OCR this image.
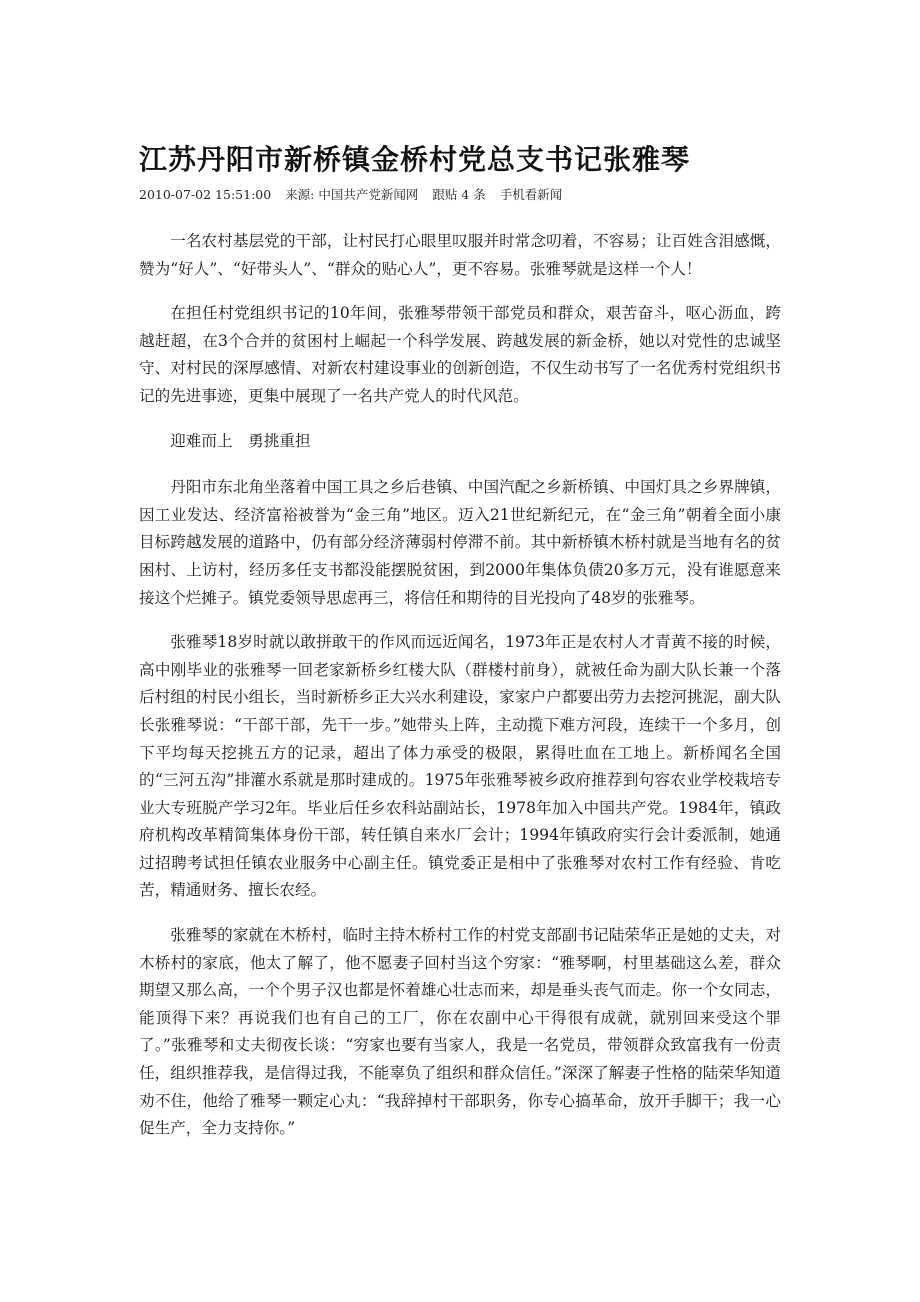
江苏丹阳市新桥镇金桥村党总支书记张雅琴
2010-07-02 15:51:00 来源: 中国共产党新闻网 跟贴 4 条 手机看新闻

一名农村基层党的干部，让村民打心眼里叹服并时常念叨着，不容易；让百姓含泪感慨，赞为“好人”、“好带头人”、“群众的贴心人”，更不容易。张雅琴就是这样一个人！

在担任村党组织书记的10年间，张雅琴带领干部党员和群众，艰苦奋斗，呕心沥血，跨越赶超，在3个合并的贫困村上崛起一个科学发展、跨越发展的新金桥，她以对党性的忠诚坚守、对村民的深厚感情、对新农村建设事业的创新创造，不仅生动书写了一名优秀村党组织书记的先进事迹，更集中展现了一名共产党人的时代风范。

迎难而上　勇挑重担

丹阳市东北角坐落着中国工具之乡后巷镇、中国汽配之乡新桥镇、中国灯具之乡界牌镇，因工业发达、经济富裕被誉为“金三角”地区。迈入21世纪新纪元，在“金三角”朝着全面小康目标跨越发展的道路中，仍有部分经济薄弱村停滞不前。其中新桥镇木桥村就是当地有名的贫困村、上访村，经历多任支书都没能摆脱贫困，到2000年集体负债20多万元，没有谁愿意来接这个烂摊子。镇党委领导思虑再三，将信任和期待的目光投向了48岁的张雅琴。

张雅琴18岁时就以敢拼敢干的作风而远近闻名，1973年正是农村人才青黄不接的时候，高中刚毕业的张雅琴一回老家新桥乡红楼大队（群楼村前身），就被任命为副大队长兼一个落后村组的村民小组长，当时新桥乡正大兴水利建设，家家户户都要出劳力去挖河挑泥，副大队长张雅琴说：“干部干部，先干一步。”她带头上阵，主动揽下难方河段，连续干一个多月，创下平均每天挖挑五方的记录，超出了体力承受的极限，累得吐血在工地上。新桥闻名全国的“三河五沟”排灌水系就是那时建成的。1975年张雅琴被乡政府推荐到句容农业学校栽培专业大专班脱产学习2年。毕业后任乡农科站副站长，1978年加入中国共产党。1984年，镇政府机构改革精简集体身份干部，转任镇自来水厂会计；1994年镇政府实行会计委派制，她通过招聘考试担任镇农业服务中心副主任。镇党委正是相中了张雅琴对农村工作有经验、肯吃苦，精通财务、擅长农经。

张雅琴的家就在木桥村，临时主持木桥村工作的村党支部副书记陆荣华正是她的丈夫，对木桥村的家底，他太了解了，他不愿妻子回村当这个穷家：“雅琴啊，村里基础这么差，群众期望又那么高，一个个男子汉也都是怀着雄心壮志而来，却是垂头丧气而走。你一个女同志，能顶得下来？再说我们也有自己的工厂，你在农副中心干得很有成就，就别回来受这个罪了。”张雅琴和丈夫彻夜长谈：“穷家也要有当家人，我是一名党员，带领群众致富我有一份责任，组织推荐我，是信得过我，不能辜负了组织和群众信任。”深深了解妻子性格的陆荣华知道劝不住，他给了雅琴一颗定心丸：“我辞掉村干部职务，你专心搞革命，放开手脚干；我一心促生产，全力支持你。”
